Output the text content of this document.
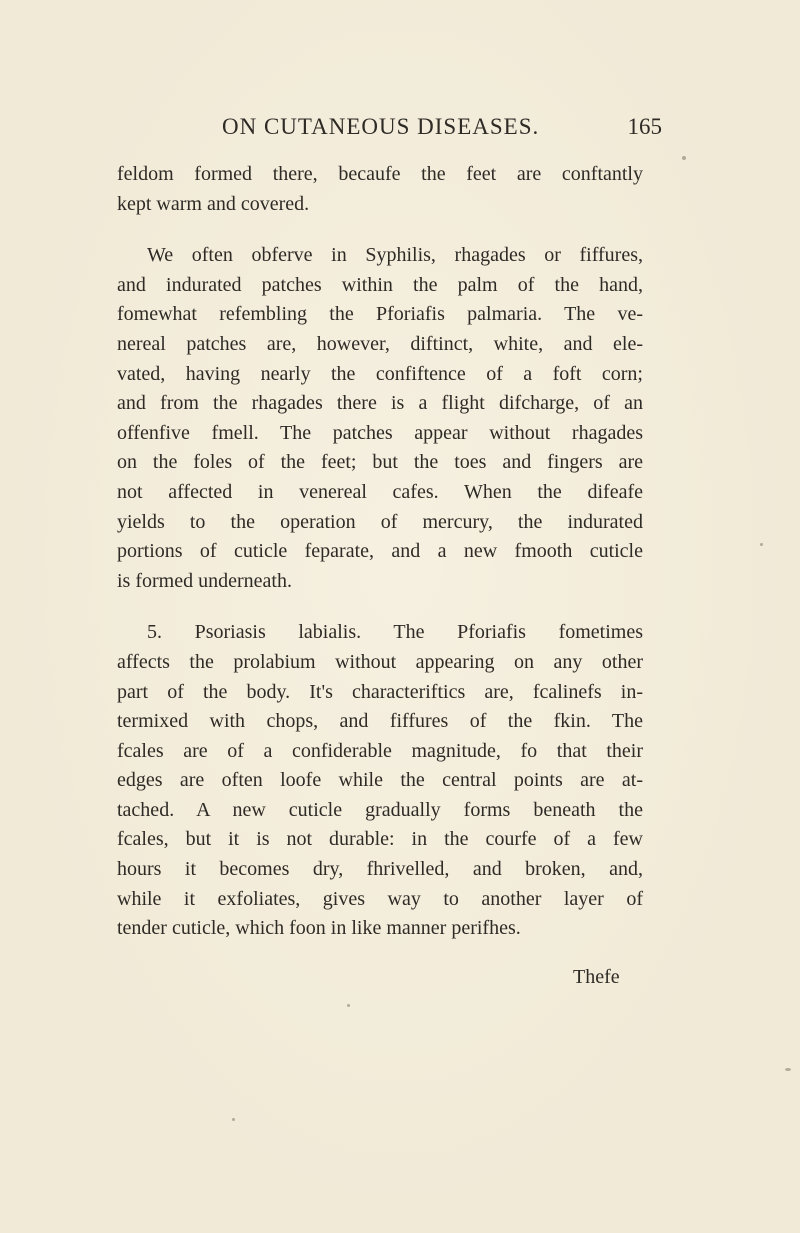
ON CUTANEOUS DISEASES.	165
feldom formed there, becaufe the feet are conftantly
kept warm and covered.
We often obferve in Syphilis, rhagades or fiffures,
and indurated patches within the palm of the hand,
fomewhat refembling the Pforiafis palmaria. The ve-
nereal patches are, however, diftinct, white, and ele-
vated, having nearly the confiftence of a foft corn;
and from the rhagades there is a flight difcharge, of an
offenfive fmell. The patches appear without rhagades
on the foles of the feet; but the toes and fingers are
not affected in venereal cafes. When the difeafe
yields to the operation of mercury, the indurated
portions of cuticle feparate, and a new fmooth cuticle
is formed underneath.
5. Psoriasis labialis. The Pforiafis fometimes
affects the prolabium without appearing on any other
part of the body. It's characteriftics are, fcalinefs in-
termixed with chops, and fiffures of the fkin. The
fcales are of a confiderable magnitude, fo that their
edges are often loofe while the central points are at-
tached. A new cuticle gradually forms beneath the
fcales, but it is not durable: in the courfe of a few
hours it becomes dry, fhrivelled, and broken, and,
while it exfoliates, gives way to another layer of
tender cuticle, which foon in like manner perifhes.
Thefe
